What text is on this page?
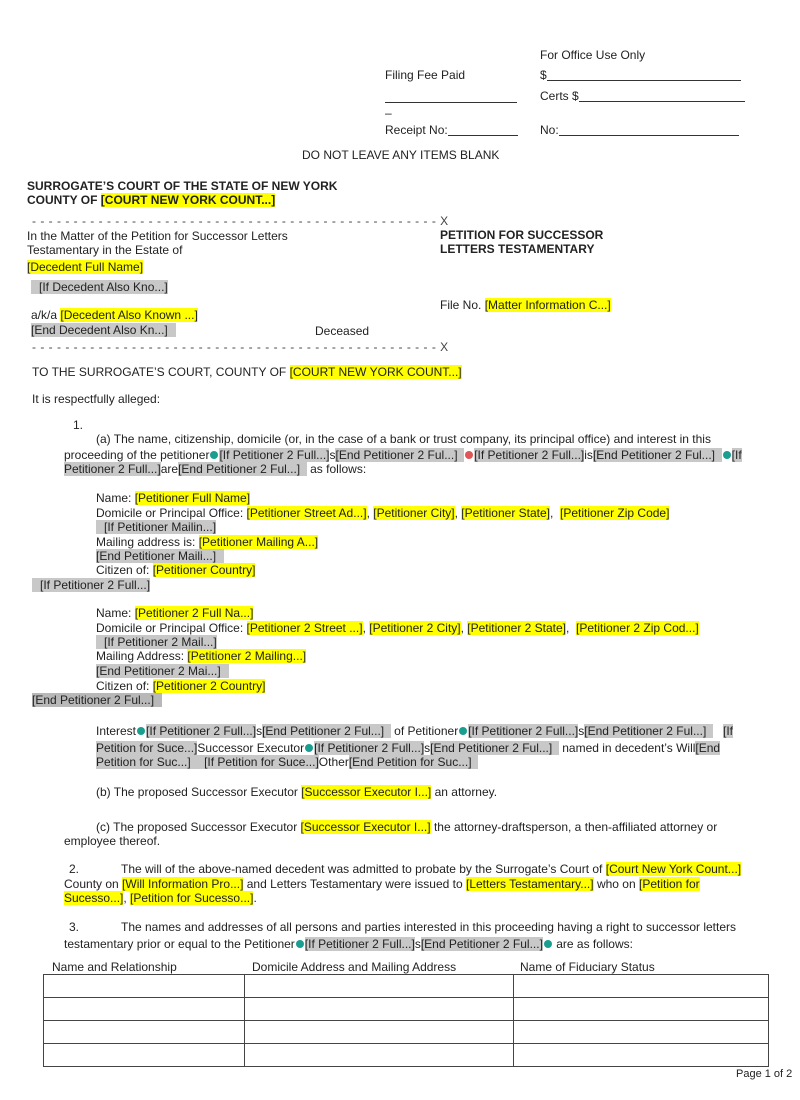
For Office Use Only
Filing Fee Paid	$
Certs $
–
Receipt No:	No:
DO NOT LEAVE ANY ITEMS BLANK
SURROGATE’S COURT OF THE STATE OF NEW YORK
COUNTY OF [COURT NEW YORK COUNT...]
- - - - - - - - - - - - - - - - - - - - - - - - - - - - - - - - - - - - - - - - - - - - - - - - - X
In the Matter of the Petition for Successor Letters
Testamentary in the Estate of
[Decedent Full Name]
[If Decedent Also Kno...]
a/k/a [Decedent Also Known ...]
[End Decedent Also Kn...]	Deceased
- - - - - - - - - - - - - - - - - - - - - - - - - - - - - - - - - - - - - - - - - - - - - - - - - X
PETITION FOR SUCCESSOR
LETTERS TESTAMENTARY
File No. [Matter Information C...]
TO THE SURROGATE’S COURT, COUNTY OF [COURT NEW YORK COUNT...]
It is respectfully alleged:
1.
(a) The name, citizenship, domicile (or, in the case of a bank or trust company, its principal office) and interest in this
proceeding of the petitioner [If Petitioner 2 Full...]s[End Petitioner 2 Ful...] [If Petitioner 2 Full...]is[End Petitioner 2 Ful...] [If
Petitioner 2 Full...]are[End Petitioner 2 Ful...]   as follows:
Name: [Petitioner Full Name]
Domicile or Principal Office: [Petitioner Street Ad...], [Petitioner City], [Petitioner State],  [Petitioner Zip Code]
[If Petitioner Mailin...]
Mailing address is: [Petitioner Mailing A...]
[End Petitioner Maili...]
Citizen of: [Petitioner Country]
[If Petitioner 2 Full...]
Name: [Petitioner 2 Full Na...]
Domicile or Principal Office: [Petitioner 2 Street ...], [Petitioner 2 City], [Petitioner 2 State],  [Petitioner 2 Zip Cod...]
[If Petitioner 2 Mail...]
Mailing Address: [Petitioner 2 Mailing...]
[End Petitioner 2 Mai...]
Citizen of: [Petitioner 2 Country]
[End Petitioner 2 Ful...]
Interest [If Petitioner 2 Full...]s[End Petitioner 2 Ful...]   of Petitioner [If Petitioner 2 Full...]s[End Petitioner 2 Ful...] [If
Petition for Suce...]Successor Executor [If Petitioner 2 Full...]s[End Petitioner 2 Ful...]   named in decedent’s Will[End
Petition for Suc...] [If Petition for Suce...]Other[End Petition for Suc...]
(b) The proposed Successor Executor [Successor Executor I...] an attorney.
(c) The proposed Successor Executor [Successor Executor I...] the attorney-draftsperson, a then-affiliated attorney or
employee thereof.
2.	The will of the above-named decedent was admitted to probate by the Surrogate’s Court of [Court New York Count...]
County on [Will Information Pro...] and Letters Testamentary were issued to [Letters Testamentary...] who on [Petition for
Sucesso...], [Petition for Sucesso...].
3.	The names and addresses of all persons and parties interested in this proceeding having a right to successor letters
testamentary prior or equal to the Petitioner [If Petitioner 2 Full...]s[End Petitioner 2 Ful...] are as follows:
Name and Relationship	Domicile Address and Mailing Address	Name of Fiduciary Status

Page 1 of 2
